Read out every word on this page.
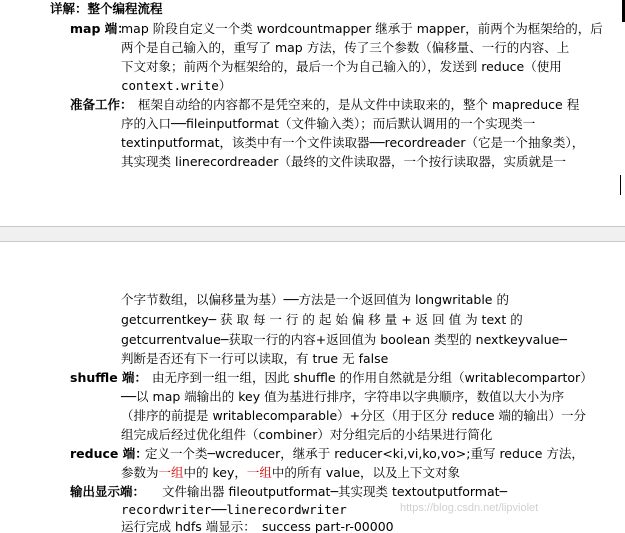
详解：整个编程流程
map 端：
map 阶段自定义一个类 wordcountmapper 继承于 mapper，前两个为框架给的，后
两个是自己输入的，重写了 map 方法，传了三个参数（偏移量、一行的内容、上
下文对象；前两个为框架给的，最后一个为自己输入的），发送到 reduce（使用
context.write）
准备工作： 框架自动给的内容都不是凭空来的，是从文件中读取来的，整个 mapreduce 程
序的入口──fileinputformat（文件输入类）；而后默认调用的一个实现类一
textinputformat，该类中有一个文件读取器──recordreader（它是一个抽象类），
其实现类 linerecordreader（最终的文件读取器，一个按行读取器，实质就是一
个字节数组，以偏移量为基）──方法是一个返回值为 longwritable 的
getcurrentkey─ 获 取 每 一 行 的 起 始 偏 移 量 + 返 回 值 为 text 的
getcurrentvalue─获取一行的内容+返回值为 boolean 类型的 nextkeyvalue─
判断是否还有下一行可以读取，有 true 无 false
shuffle 端： 由无序到一组一组，因此 shuffle 的作用自然就是分组（writablecompartor）
──以 map 端输出的 key 值为基进行排序，字符串以字典顺序，数值以大小为序
（排序的前提是 writablecomparable）+分区（用于区分 reduce 端的输出）一分
组完成后经过优化组件（combiner）对分组完后的小结果进行简化
reduce 端：
定义一个类─wcreducer，继承于 reducer<ki,vi,ko,vo>;重写 reduce 方法，
参数为一组中的 key，一组中的所有 value，以及上下文对象
输出显示端： 文件输出器 fileoutputformat─其实现类 textoutputformat─
recordwriter──linerecordwriter
运行完成 hdfs 端显示：_success part-r-00000
https://blog.csdn.net/lipviolet
